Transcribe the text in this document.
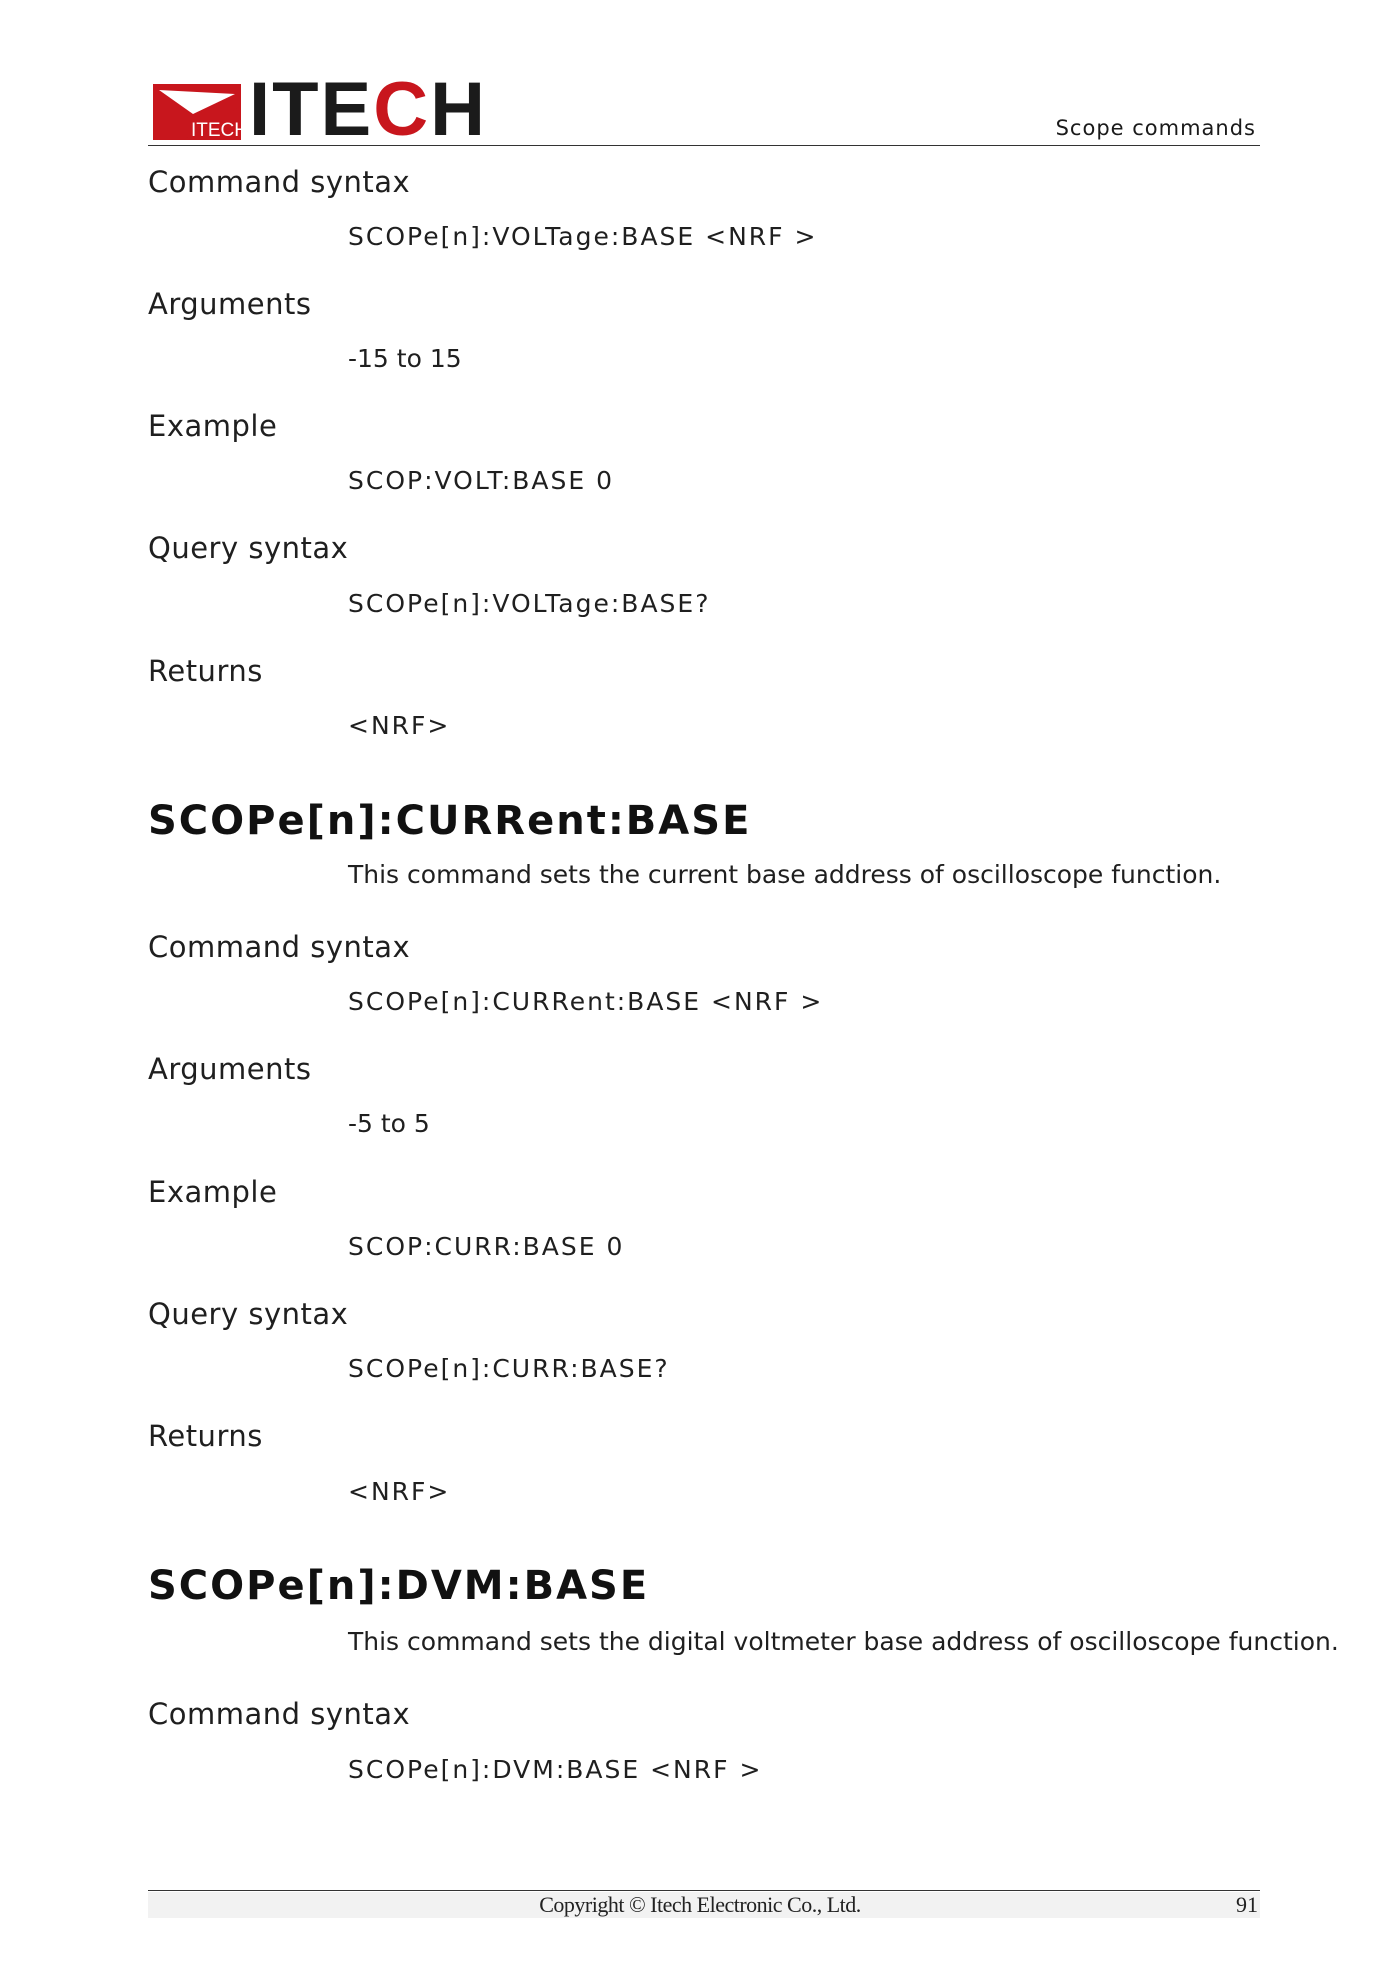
ITECH ITECH	Scope commands
Command syntax
SCOPe[n]:VOLTage:BASE <NRF >
Arguments
-15 to 15
Example
SCOP:VOLT:BASE 0
Query syntax
SCOPe[n]:VOLTage:BASE?
Returns
<NRF>
SCOPe[n]:CURRent:BASE
This command sets the current base address of oscilloscope function.
Command syntax
SCOPe[n]:CURRent:BASE <NRF >
Arguments
-5 to 5
Example
SCOP:CURR:BASE 0
Query syntax
SCOPe[n]:CURR:BASE?
Returns
<NRF>
SCOPe[n]:DVM:BASE
This command sets the digital voltmeter base address of oscilloscope function.
Command syntax
SCOPe[n]:DVM:BASE <NRF >
Copyright © Itech Electronic Co., Ltd.	91
